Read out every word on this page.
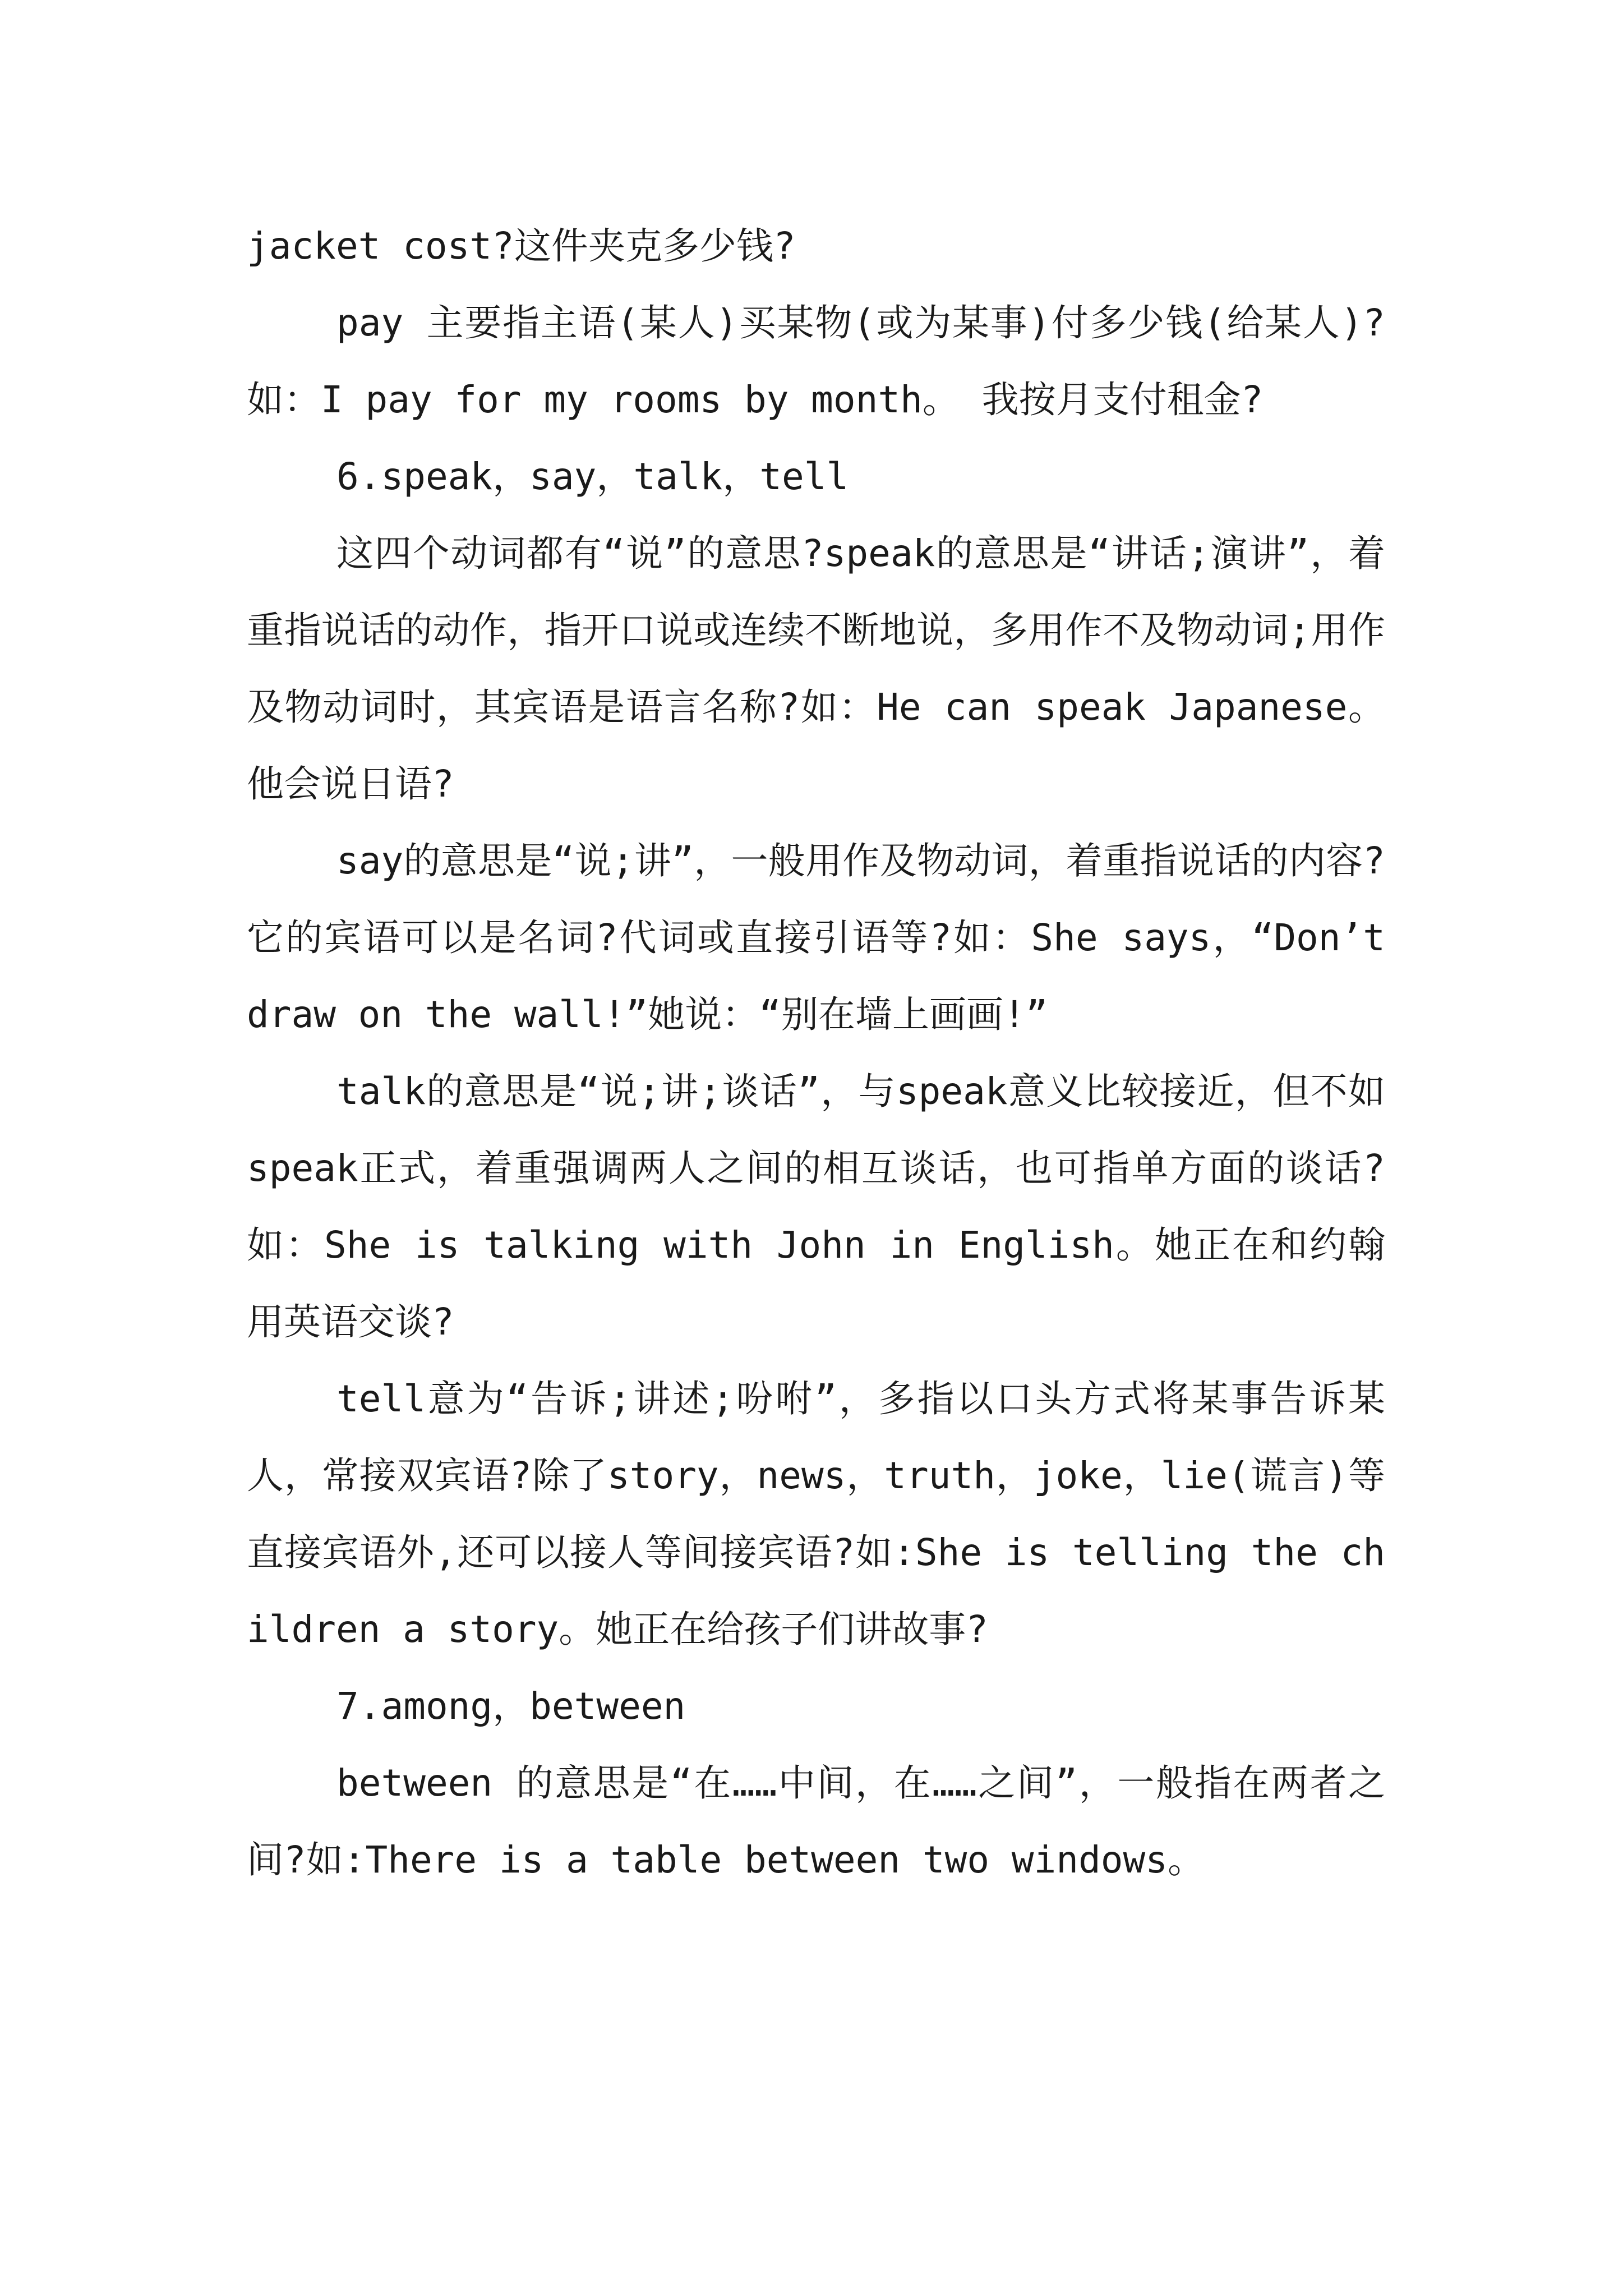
jacket cost?这件夹克多少钱?

pay 主要指主语(某人)买某物(或为某事)付多少钱(给某人)?如：I pay for my rooms by month。 我按月支付租金?

6.speak，say，talk，tell

这四个动词都有“说”的意思?speak的意思是“讲话;演讲”，着重指说话的动作，指开口说或连续不断地说，多用作不及物动词;用作及物动词时，其宾语是语言名称?如：He can speak Japanese。 他会说日语?

say的意思是“说;讲”，一般用作及物动词，着重指说话的内容?它的宾语可以是名词?代词或直接引语等?如：She says，“Don’t draw on the wall!”她说：“别在墙上画画!”

talk的意思是“说;讲;谈话”，与speak意义比较接近，但不如speak正式，着重强调两人之间的相互谈话，也可指单方面的谈话?如：She is talking with John in English。她正在和约翰用英语交谈?

tell意为“告诉;讲述;吩咐”，多指以口头方式将某事告诉某人，常接双宾语?除了story，news，truth，joke，lie(谎言)等直接宾语外,还可以接人等间接宾语?如:She is telling the children a story。她正在给孩子们讲故事?

7.among，between

between 的意思是“在……中间，在……之间”，一般指在两者之间?如:There is a table between two windows。
